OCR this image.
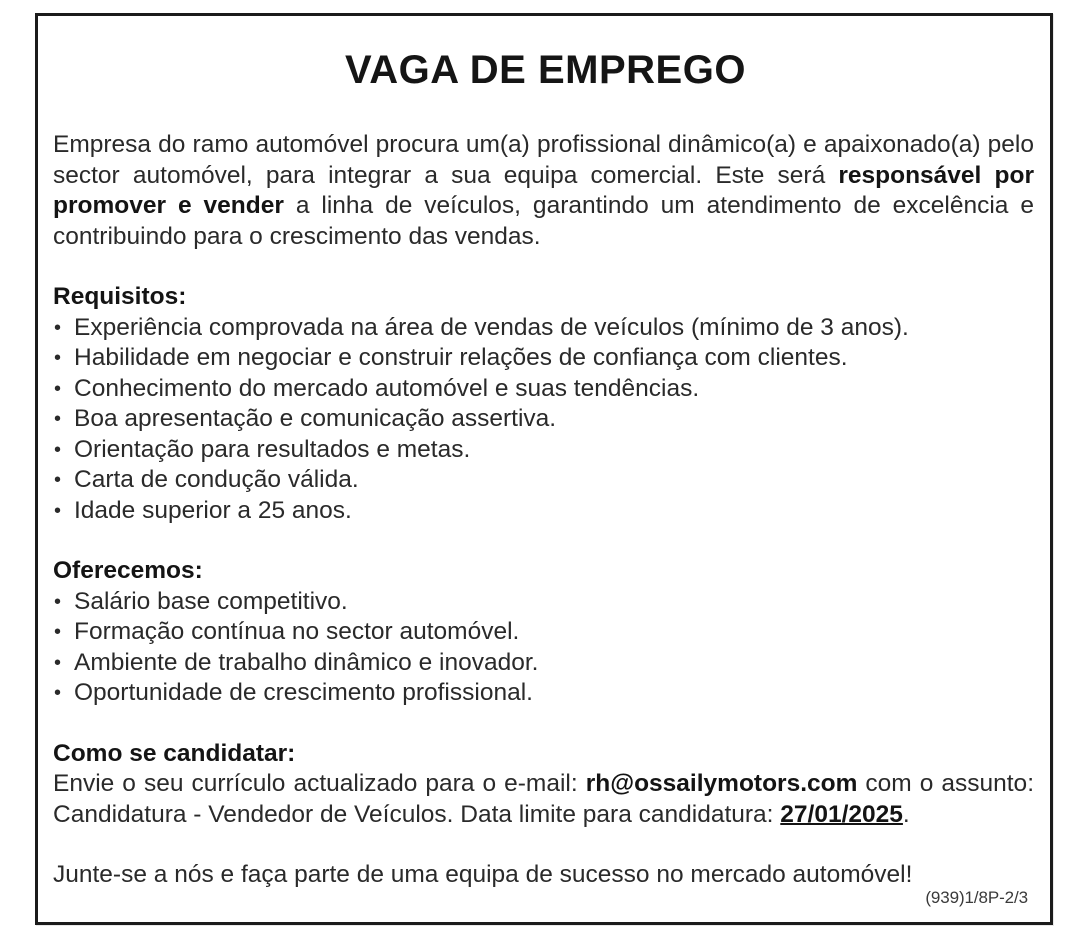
VAGA DE EMPREGO

Empresa do ramo automóvel procura um(a) profissional dinâmico(a) e apaixonado(a) pelo sector automóvel, para integrar a sua equipa comercial. Este será responsável por promover e vender a linha de veículos, garantindo um atendimento de excelência e contribuindo para o crescimento das vendas.

Requisitos:

• Experiência comprovada na área de vendas de veículos (mínimo de 3 anos).
• Habilidade em negociar e construir relações de confiança com clientes.
• Conhecimento do mercado automóvel e suas tendências.
• Boa apresentação e comunicação assertiva.
• Orientação para resultados e metas.
• Carta de condução válida.
• Idade superior a 25 anos.

Oferecemos:

• Salário base competitivo.
• Formação contínua no sector automóvel.
• Ambiente de trabalho dinâmico e inovador.
• Oportunidade de crescimento profissional.

Como se candidatar:

Envie o seu currículo actualizado para o e-mail: rh@ossailymotors.com com o assunto: Candidatura - Vendedor de Veículos. Data limite para candidatura: 27/01/2025.

Junte-se a nós e faça parte de uma equipa de sucesso no mercado automóvel!

(939)1/8P-2/3
